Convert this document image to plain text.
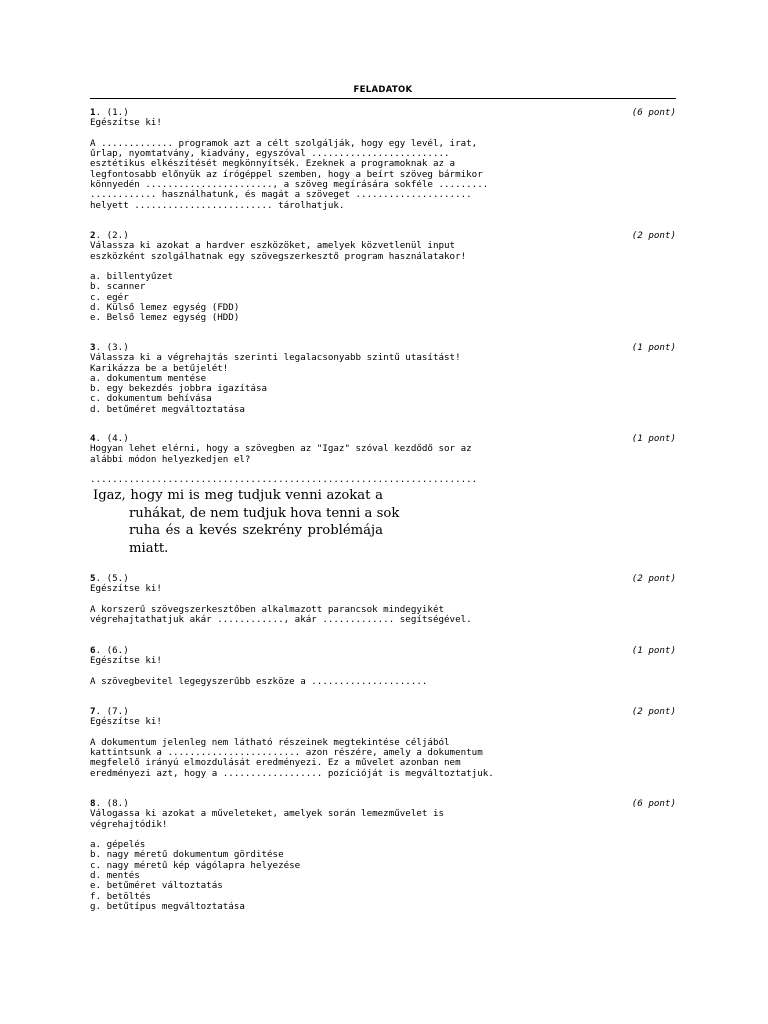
FELADATOK
(6 pont)
1. (1.)
Egészítse ki!
A ............. programok azt a célt szolgálják, hogy egy levél, irat,
űrlap, nyomtatvány, kiadvány, egyszóval .........................
esztétikus elkészítését megkönnyítsék. Ezeknek a programoknak az a
legfontosabb előnyük az írógéppel szemben, hogy a beírt szöveg bármikor
könnyedén ......................., a szöveg megírására sokféle .........
............ használhatunk, és magát a szöveget .....................
helyett ......................... tárolhatjuk.
(2 pont)
2. (2.)
Válassza ki azokat a hardver eszközöket, amelyek közvetlenül input
eszközként szolgálhatnak egy szövegszerkesztő program használatakor!
a. billentyűzet
b. scanner
c. egér
d. Külső lemez egység (FDD)
e. Belső lemez egység (HDD)
(1 pont)
3. (3.)
Válassza ki a végrehajtás szerinti legalacsonyabb szintű utasítást!
Karikázza be a betűjelét!
a. dokumentum mentése
b. egy bekezdés jobbra igazítása
c. dokumentum behívása
d. betűméret megváltoztatása
(1 pont)
4. (4.)
Hogyan lehet elérni, hogy a szövegben az "Igaz" szóval kezdődő sor az
alábbi módon helyezkedjen el?
......................................................................
Igaz, hogy mi is meg tudjuk venni azokat a
ruhákat, de nem tudjuk hova tenni a sok
ruha és a kevés szekrény problémája
miatt.
(2 pont)
5. (5.)
Egészítse ki!
A korszerű szövegszerkesztőben alkalmazott parancsok mindegyikét
végrehajtathatjuk akár ............, akár ............. segítségével.
(1 pont)
6. (6.)
Egészítse ki!
A szövegbevitel legegyszerűbb eszköze a .....................
(2 pont)
7. (7.)
Egészítse ki!
A dokumentum jelenleg nem látható részeinek megtekintése céljából
kattintsunk a ........................ azon részére, amely a dokumentum
megfelelő irányú elmozdulását eredményezi. Ez a művelet azonban nem
eredményezi azt, hogy a .................. pozícióját is megváltoztatjuk.
(6 pont)
8. (8.)
Válogassa ki azokat a műveleteket, amelyek során lemezművelet is
végrehajtódik!
a. gépelés
b. nagy méretű dokumentum görditése
c. nagy méretű kép vágólapra helyezése
d. mentés
e. betűméret változtatás
f. betöltés
g. betűtípus megváltoztatása
